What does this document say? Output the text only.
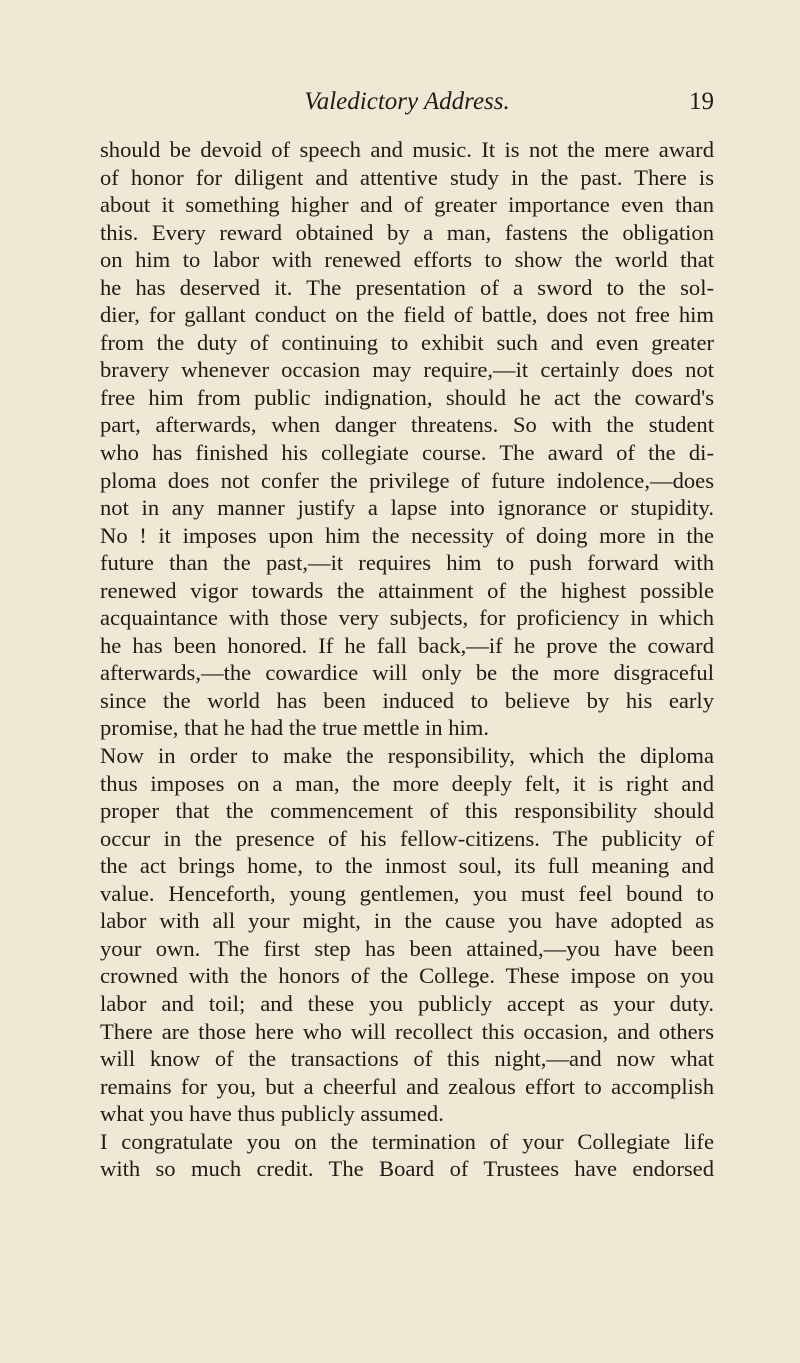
Valedictory Address.	19
should be devoid of speech and music. It is not the mere award
of honor for diligent and attentive study in the past. There is
about it something higher and of greater importance even than
this. Every reward obtained by a man, fastens the obligation
on him to labor with renewed efforts to show the world that
he has deserved it. The presentation of a sword to the sol-
dier, for gallant conduct on the field of battle, does not free him
from the duty of continuing to exhibit such and even greater
bravery whenever occasion may require,—it certainly does not
free him from public indignation, should he act the coward's
part, afterwards, when danger threatens. So with the student
who has finished his collegiate course. The award of the di-
ploma does not confer the privilege of future indolence,—does
not in any manner justify a lapse into ignorance or stupidity.
No ! it imposes upon him the necessity of doing more in the
future than the past,—it requires him to push forward with
renewed vigor towards the attainment of the highest possible
acquaintance with those very subjects, for proficiency in which
he has been honored. If he fall back,—if he prove the coward
afterwards,—the cowardice will only be the more disgraceful
since the world has been induced to believe by his early
promise, that he had the true mettle in him.
Now in order to make the responsibility, which the diploma
thus imposes on a man, the more deeply felt, it is right and
proper that the commencement of this responsibility should
occur in the presence of his fellow-citizens. The publicity of
the act brings home, to the inmost soul, its full meaning and
value. Henceforth, young gentlemen, you must feel bound to
labor with all your might, in the cause you have adopted as
your own. The first step has been attained,—you have been
crowned with the honors of the College. These impose on you
labor and toil; and these you publicly accept as your duty.
There are those here who will recollect this occasion, and others
will know of the transactions of this night,—and now what
remains for you, but a cheerful and zealous effort to accomplish
what you have thus publicly assumed.
I congratulate you on the termination of your Collegiate life
with so much credit. The Board of Trustees have endorsed
